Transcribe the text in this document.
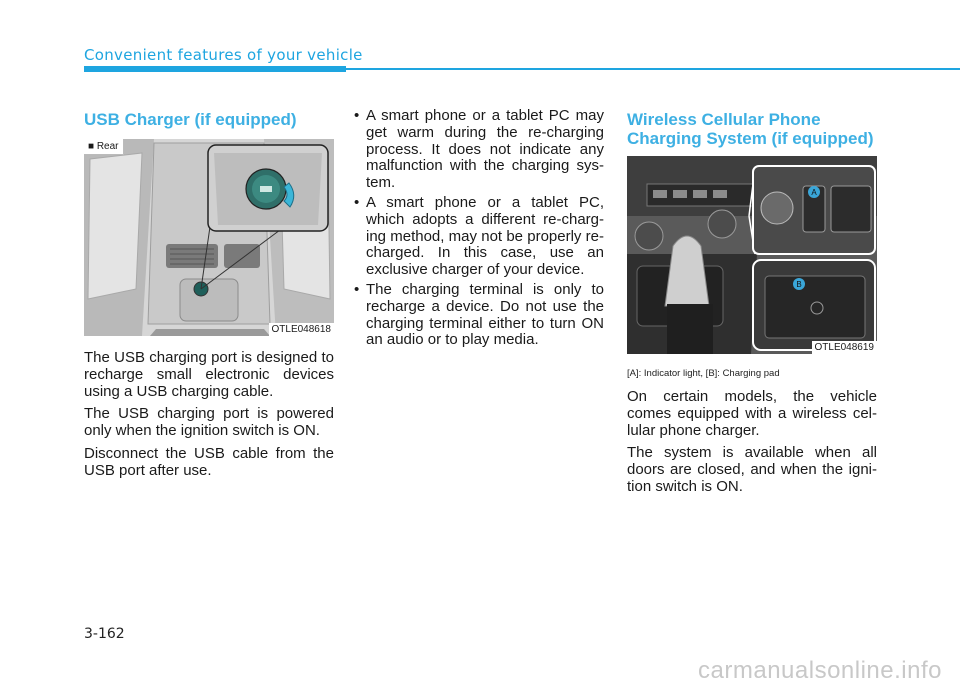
Convenient features of your vehicle
USB Charger (if equipped)
■ Rear
OTLE048618

The USB charging port is designed to recharge small electronic devices using a USB charging cable.

The USB charging port is powered only when the ignition switch is ON.

Disconnect the USB cable from the USB port after use.

• A smart phone or a tablet PC may get warm during the re-charging process. It does not indicate any malfunction with the charging sys-tem.
• A smart phone or a tablet PC, which adopts a different re-charg-ing method, may not be properly re-charged. In this case, use an exclusive charger of your device.
• The charging terminal is only to recharge a device. Do not use the charging terminal either to turn ON an audio or to play media.
Wireless Cellular Phone
Charging System (if equipped)
A
B
OTLE048619

[A]: Indicator light, [B]: Charging pad

On certain models, the vehicle comes equipped with a wireless cel-lular phone charger.

The system is available when all doors are closed, and when the igni-tion switch is ON.

3-162
carmanualsonline.info
